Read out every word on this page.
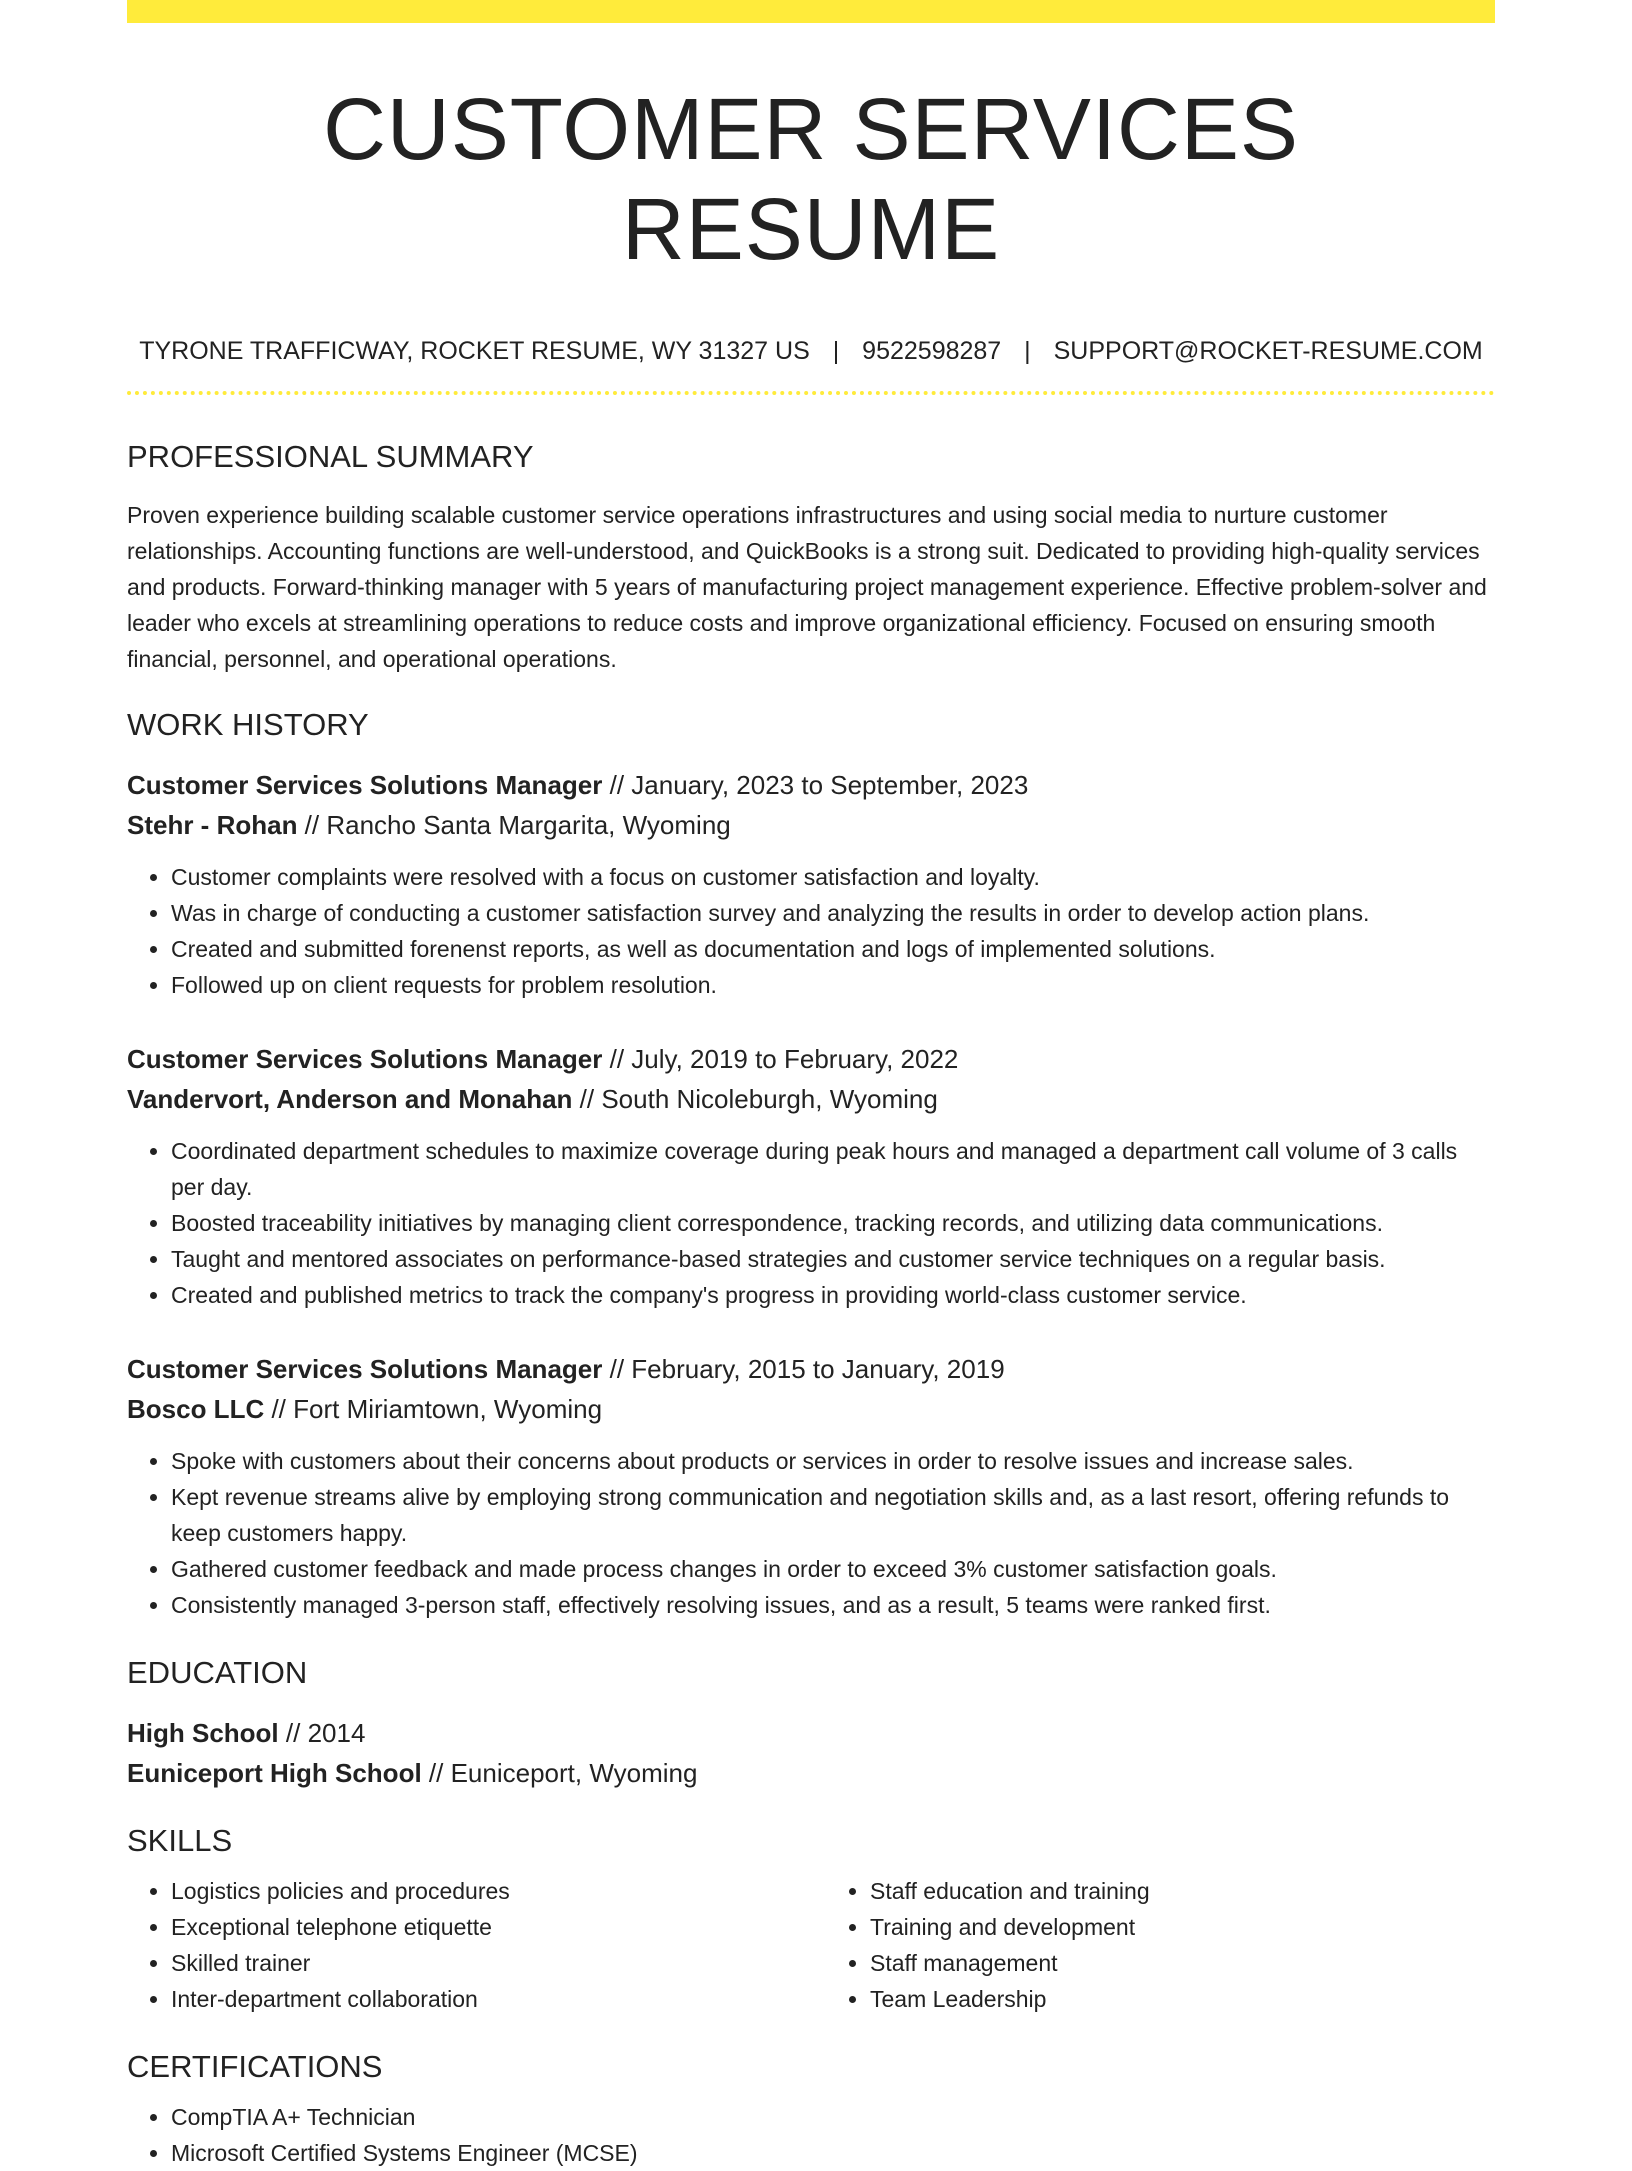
CUSTOMER SERVICES RESUME
TYRONE TRAFFICWAY, ROCKET RESUME, WY 31327 US | 9522598287 | SUPPORT@ROCKET-RESUME.COM
PROFESSIONAL SUMMARY

Proven experience building scalable customer service operations infrastructures and using social media to nurture customer relationships. Accounting functions are well-understood, and QuickBooks is a strong suit. Dedicated to providing high-quality services and products. Forward-thinking manager with 5 years of manufacturing project management experience. Effective problem-solver and leader who excels at streamlining operations to reduce costs and improve organizational efficiency. Focused on ensuring smooth financial, personnel, and operational operations.

WORK HISTORY
Customer Services Solutions Manager // January, 2023 to September, 2023
Stehr - Rohan // Rancho Santa Margarita, Wyoming
• Customer complaints were resolved with a focus on customer satisfaction and loyalty.
• Was in charge of conducting a customer satisfaction survey and analyzing the results in order to develop action plans.
• Created and submitted forenenst reports, as well as documentation and logs of implemented solutions.
• Followed up on client requests for problem resolution.
Customer Services Solutions Manager // July, 2019 to February, 2022
Vandervort, Anderson and Monahan // South Nicoleburgh, Wyoming
• Coordinated department schedules to maximize coverage during peak hours and managed a department call volume of 3 calls per day.
• Boosted traceability initiatives by managing client correspondence, tracking records, and utilizing data communications.
• Taught and mentored associates on performance-based strategies and customer service techniques on a regular basis.
• Created and published metrics to track the company's progress in providing world-class customer service.
Customer Services Solutions Manager // February, 2015 to January, 2019
Bosco LLC // Fort Miriamtown, Wyoming
• Spoke with customers about their concerns about products or services in order to resolve issues and increase sales.
• Kept revenue streams alive by employing strong communication and negotiation skills and, as a last resort, offering refunds to keep customers happy.
• Gathered customer feedback and made process changes in order to exceed 3% customer satisfaction goals.
• Consistently managed 3-person staff, effectively resolving issues, and as a result, 5 teams were ranked first.
EDUCATION
High School // 2014
Euniceport High School // Euniceport, Wyoming
SKILLS
• Logistics policies and procedures
• Exceptional telephone etiquette
• Skilled trainer
• Inter-department collaboration
• Staff education and training
• Training and development
• Staff management
• Team Leadership
CERTIFICATIONS
• CompTIA A+ Technician
• Microsoft Certified Systems Engineer (MCSE)
